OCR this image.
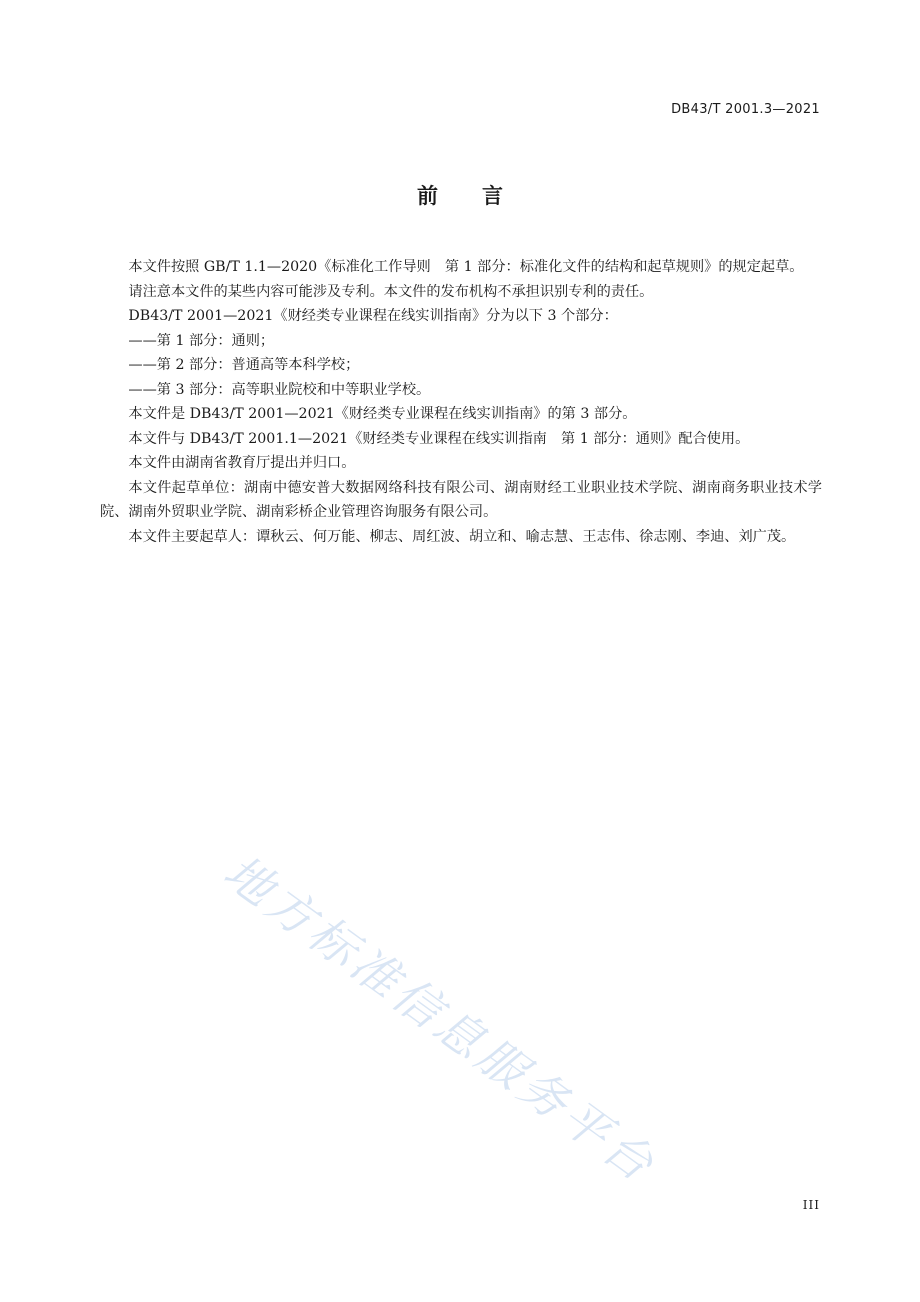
DB43/T 2001.3—2021
前 言

本文件按照 GB/T 1.1—2020《标准化工作导则　第 1 部分：标准化文件的结构和起草规则》的规定起草。

请注意本文件的某些内容可能涉及专利。本文件的发布机构不承担识别专利的责任。

DB43/T 2001—2021《财经类专业课程在线实训指南》分为以下 3 个部分：

——第 1 部分：通则；

——第 2 部分：普通高等本科学校；

——第 3 部分：高等职业院校和中等职业学校。

本文件是 DB43/T 2001—2021《财经类专业课程在线实训指南》的第 3 部分。

本文件与 DB43/T 2001.1—2021《财经类专业课程在线实训指南　第 1 部分：通则》配合使用。

本文件由湖南省教育厅提出并归口。

本文件起草单位：湖南中德安普大数据网络科技有限公司、湖南财经工业职业技术学院、湖南商务职业技术学院、湖南外贸职业学院、湖南彩桥企业管理咨询服务有限公司。

本文件主要起草人：谭秋云、何万能、柳志、周红波、胡立和、喻志慧、王志伟、徐志刚、李迪、刘广茂。

地方标准信息服务平台
III
